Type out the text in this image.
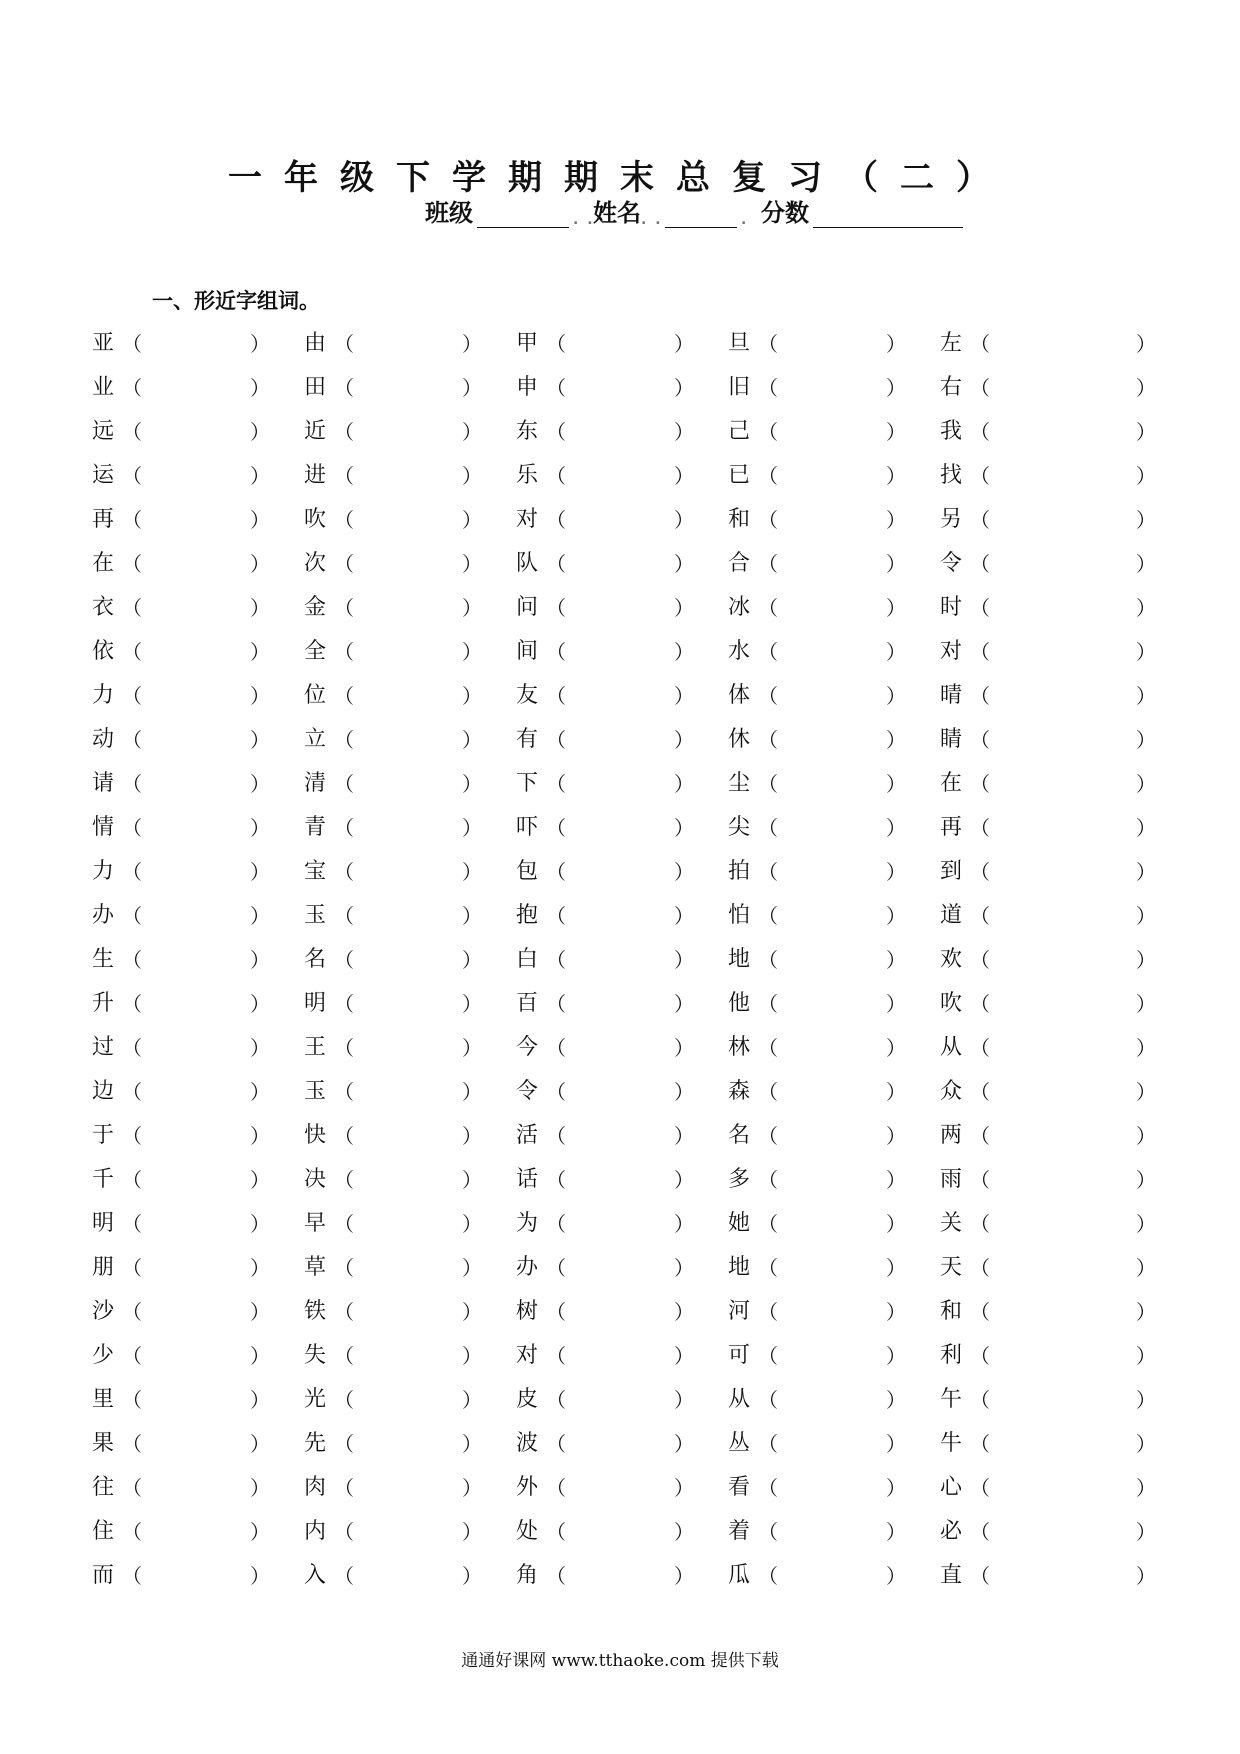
一年级下学期期末总复习（二）
班级	. .
姓名 . .	. 分数
一、形近字组词。
亚 （	） 由 （	） 甲 （	） 旦 （	） 左 （	）
业 （	） 田 （	） 申 （	） 旧 （	） 右 （	）
远 （	） 近 （	） 东 （	） 己 （	） 我 （	）
运 （	） 进 （	） 乐 （	） 已 （	） 找 （	）
再 （	） 吹 （	） 对 （	） 和 （	） 另 （	）
在 （	） 次 （	） 队 （	） 合 （	） 令 （	）
衣 （	） 金 （	） 问 （	） 冰 （	） 时 （	）
依 （	） 全 （	） 间 （	） 水 （	） 对 （	）
力 （	） 位 （	） 友 （	） 体 （	） 晴 （	）
动 （	） 立 （	） 有 （	） 休 （	） 睛 （	）
请 （	） 清 （	） 下 （	） 尘 （	） 在 （	）
情 （	） 青 （	） 吓 （	） 尖 （	） 再 （	）
力 （	） 宝 （	） 包 （	） 拍 （	） 到 （	）
办 （	） 玉 （	） 抱 （	） 怕 （	） 道 （	）
生 （	） 名 （	） 白 （	） 地 （	） 欢 （	）
升 （	） 明 （	） 百 （	） 他 （	） 吹 （	）
过 （	） 王 （	） 今 （	） 林 （	） 从 （	）
边 （	） 玉 （	） 令 （	） 森 （	） 众 （	）
于 （	） 快 （	） 活 （	） 名 （	） 两 （	）
千 （	） 决 （	） 话 （	） 多 （	） 雨 （	）
明 （	） 早 （	） 为 （	） 她 （	） 关 （	）
朋 （	） 草 （	） 办 （	） 地 （	） 天 （	）
沙 （	） 铁 （	） 树 （	） 河 （	） 和 （	）
少 （	） 失 （	） 对 （	） 可 （	） 利 （	）
里 （	） 光 （	） 皮 （	） 从 （	） 午 （	）
果 （	） 先 （	） 波 （	） 丛 （	） 牛 （	）
往 （	） 肉 （	） 外 （	） 看 （	） 心 （	）
住 （	） 内 （	） 处 （	） 着 （	） 必 （	）
而 （	） 入 （	） 角 （	） 瓜 （	） 直 （	）
通通好课网 www.tthaoke.com 提供下载
